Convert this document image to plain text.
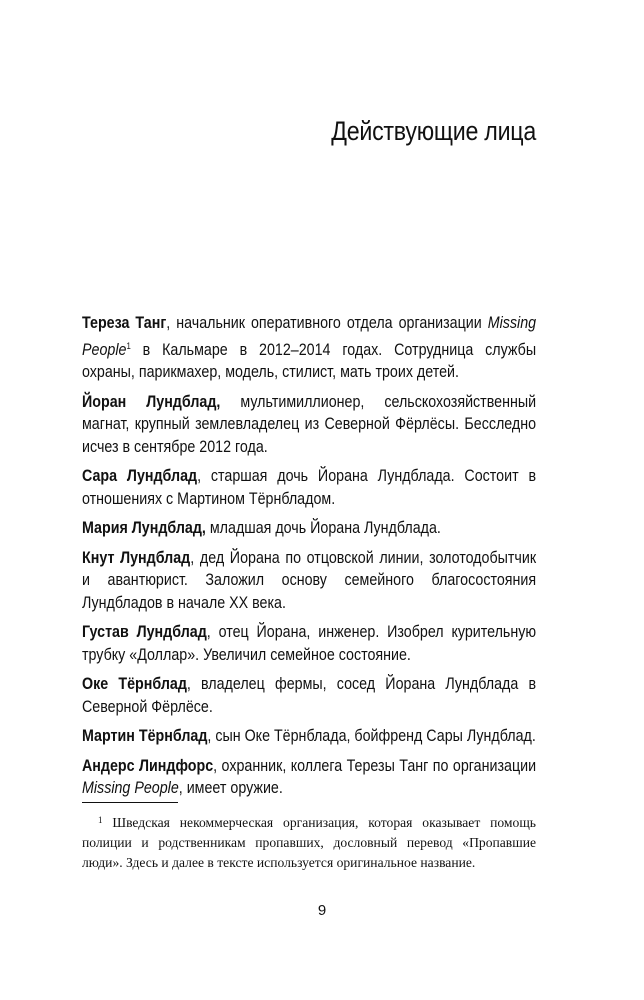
Действующие лица

Тереза Танг, начальник оперативного отдела организации Missing People$^1$ в Кальмаре в 2012–2014 годах. Сотрудница службы охраны, парикмахер, модель, стилист, мать троих детей.

Йоран Лундблад, мультимиллионер, сельскохозяйственный магнат, крупный землевладелец из Северной Фёрлёсы. Бесследно исчез в сентябре 2012 года.

Сара Лундблад, старшая дочь Йорана Лундблада. Состоит в отношениях с Мартином Тёрнбладом.

Мария Лундблад, младшая дочь Йорана Лундблада.

Кнут Лундблад, дед Йорана по отцовской линии, золотодобытчик и авантюрист. Заложил основу семейного благосостояния Лундбладов в начале XX века.

Густав Лундблад, отец Йорана, инженер. Изобрел курительную трубку «Доллар». Увеличил семейное состояние.

Оке Тёрнблад, владелец фермы, сосед Йорана Лундблада в Северной Фёрлёсе.

Мартин Тёрнблад, сын Оке Тёрнблада, бойфренд Сары Лундблад.

Андерс Линдфорс, охранник, коллега Терезы Танг по организации Missing People, имеет оружие.

$^1$ Шведская некоммерческая организация, которая оказывает помощь полиции и родственникам пропавших, дословный перевод «Пропавшие люди». Здесь и далее в тексте используется оригинальное название.

9
